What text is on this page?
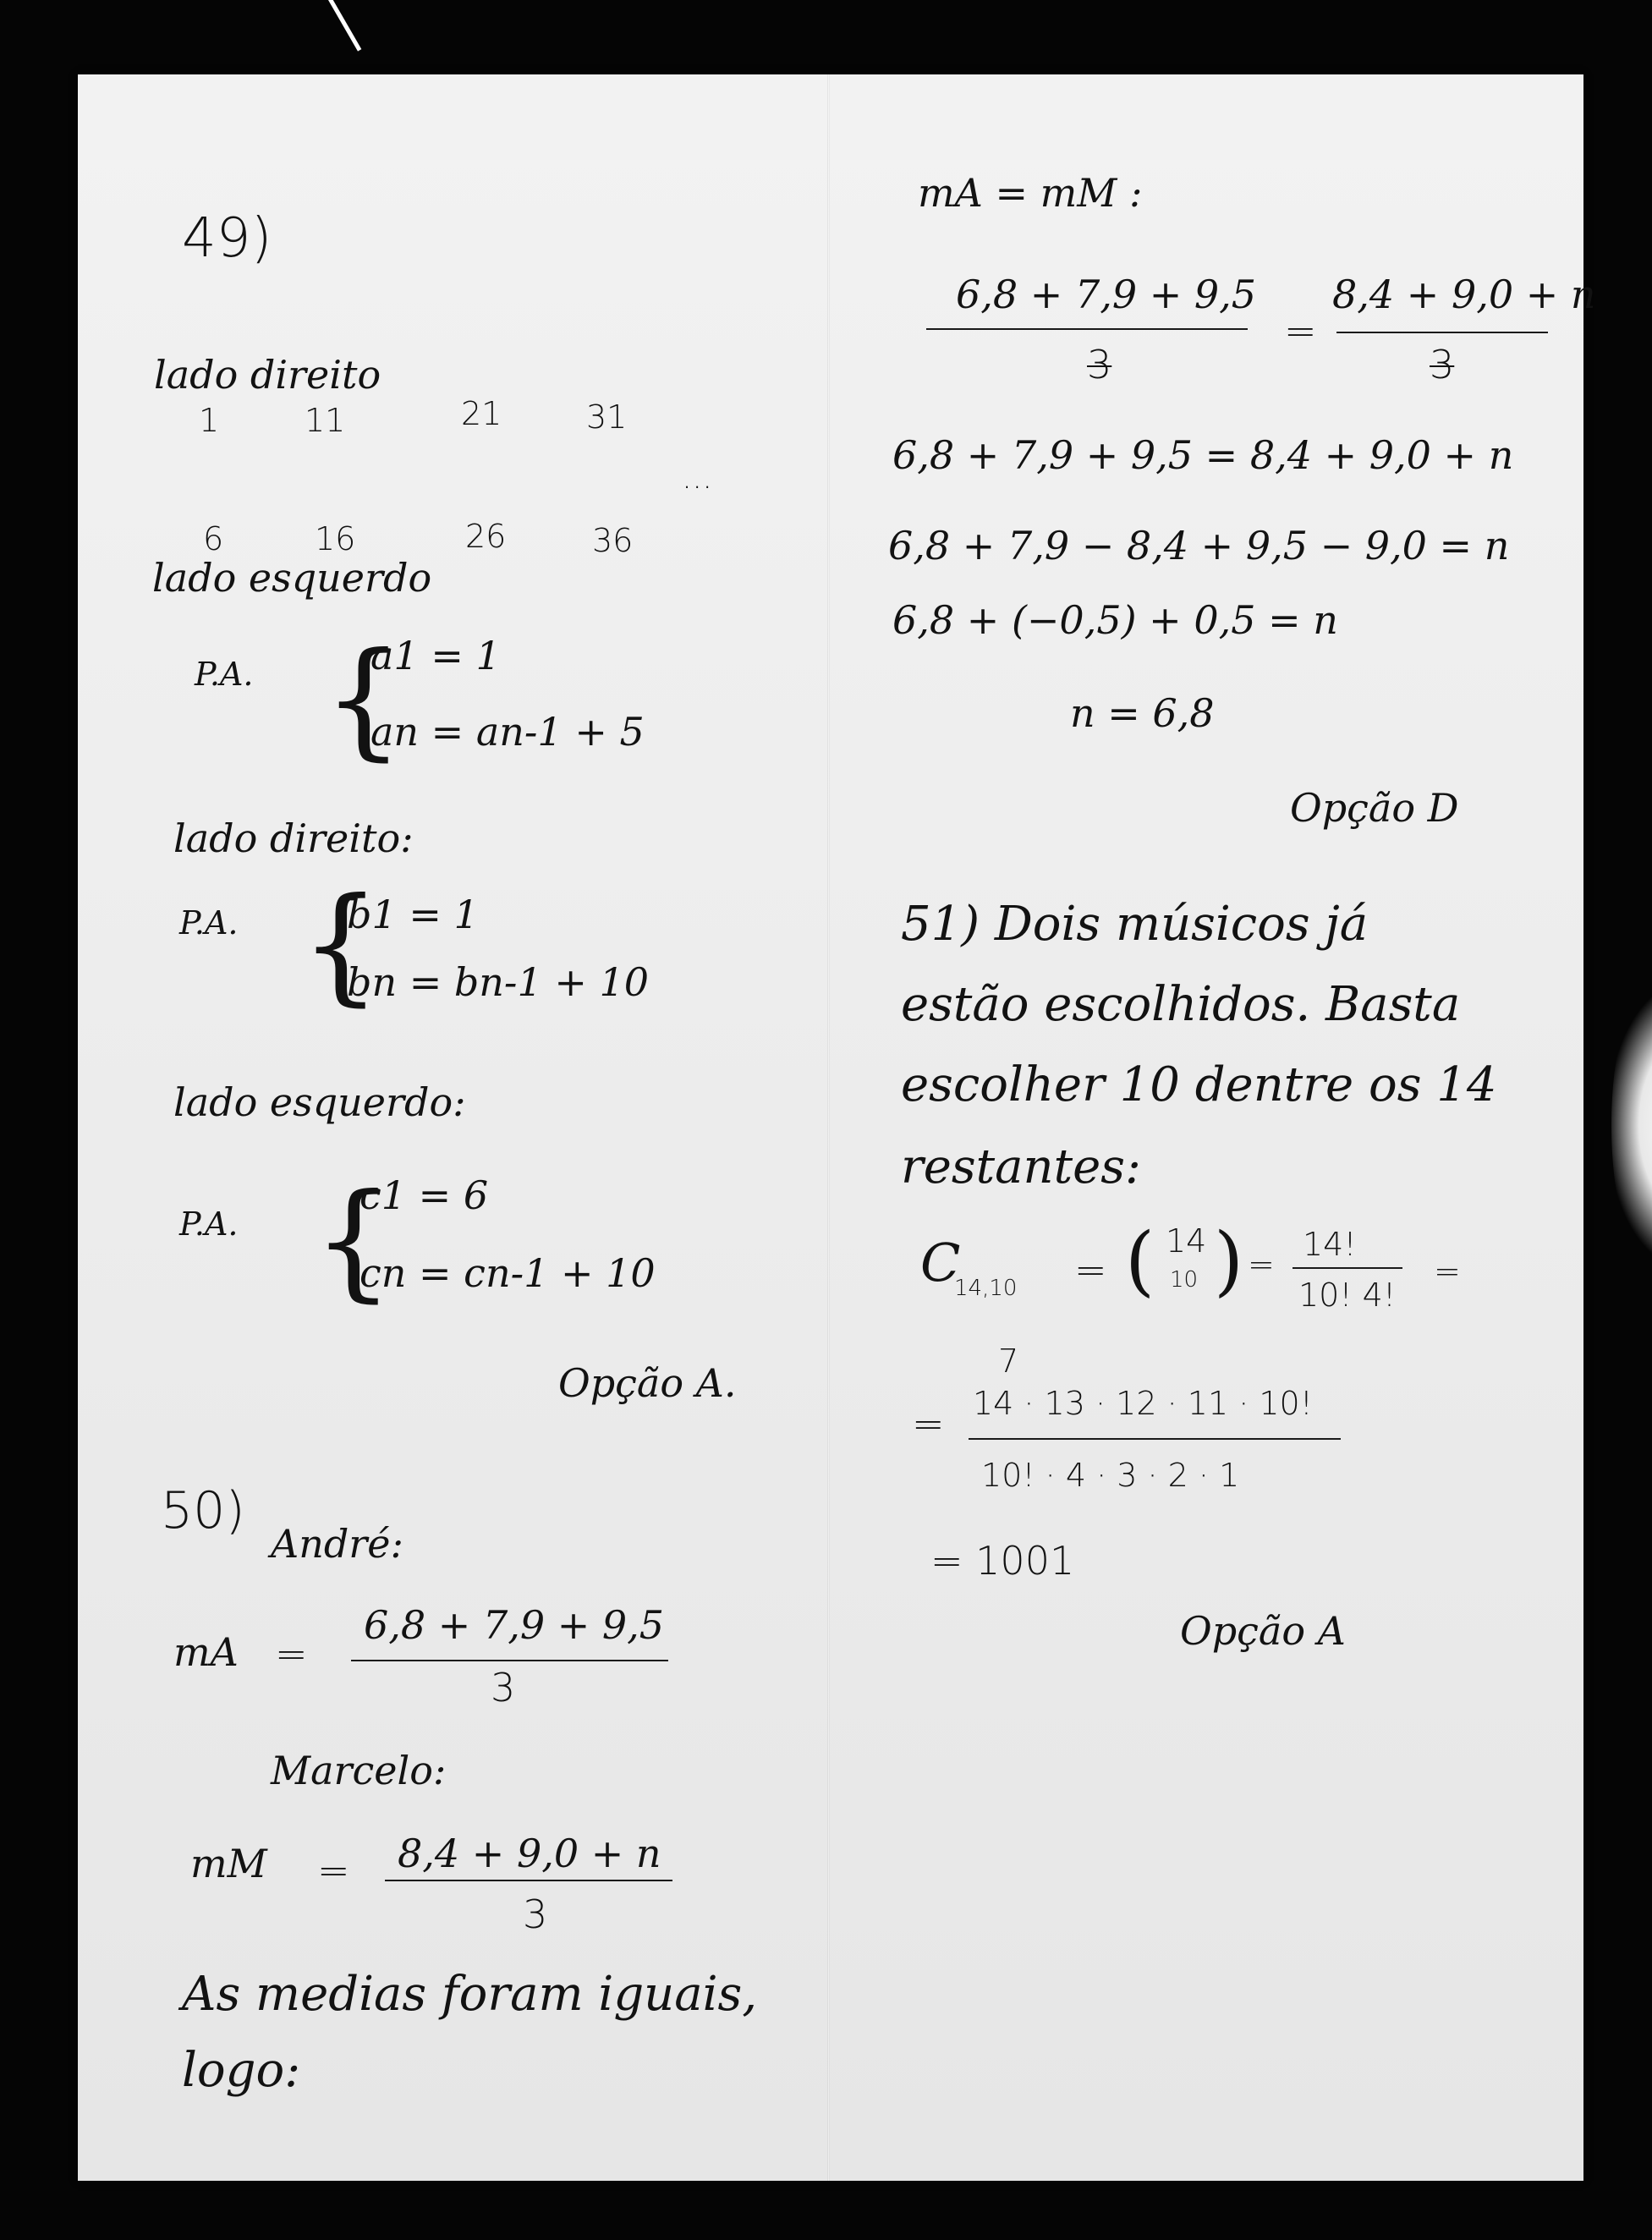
49)
lado direito
1	11	21	31
...
6	16	26	36
lado esquerdo
P.A. {
a1 = 1
an = an-1 + 5
lado direito:
P.A. {
b1 = 1
bn = bn-1 + 10
lado esquerdo:
P.A. {
c1 = 6
cn = cn-1 + 10
Opção A.
50)
André:
mA =
6,8 + 7,9 + 9,5
3
Marcelo:
mM = 8,4 + 9,0 + n
3
As medias foram iguais,
logo:
mA = mM :
6,8 + 7,9 + 9,5
3
=
8,4 + 9,0 + n
3
6,8 + 7,9 + 9,5 = 8,4 + 9,0 + n
6,8 + 7,9 − 8,4 + 9,5 − 9,0 = n
6,8 + (−0,5) + 0,5 = n
n = 6,8
Opção D
51) Dois músicos já
estão escolhidos. Basta
escolher 10 dentre os 14
restantes:
C
14,10 = ( 14
10 ) =
14!
10! 4!
=
7
= 14 · 13 · 12 · 11 · 10!
10! · 4 · 3 · 2 · 1
= 1001
Opção A
